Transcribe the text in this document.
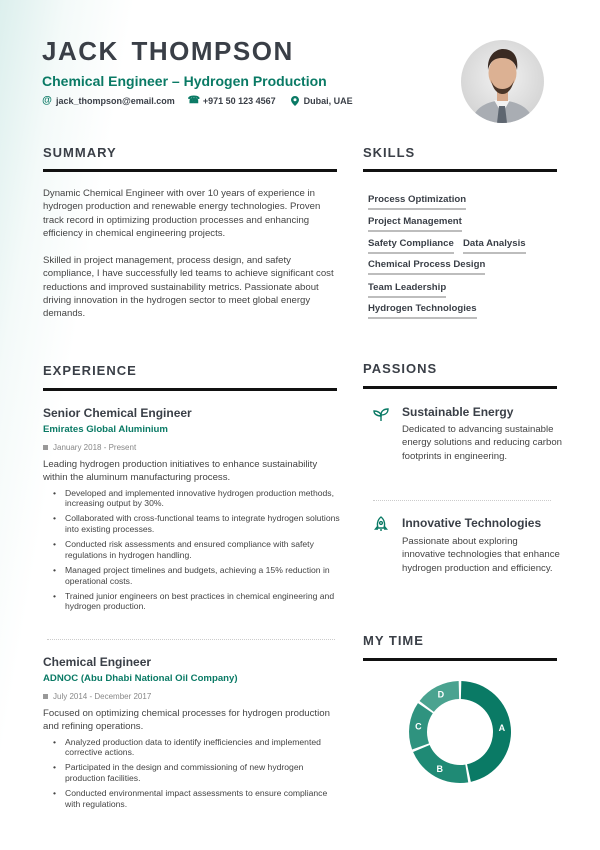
JACK THOMPSON
Chemical Engineer – Hydrogen Production
@ jack_thompson@email.com ☎ +971 50 123 4567	Dubai, UAE
SUMMARY
Dynamic Chemical Engineer with over 10 years of experience in hydrogen production and renewable energy technologies. Proven track record in optimizing production processes and enhancing efficiency in chemical engineering projects.
Skilled in project management, process design, and safety compliance, I have successfully led teams to achieve significant cost reductions and improved sustainability metrics. Passionate about driving innovation in the hydrogen sector to meet global energy demands.
SKILLS
Process Optimization
Project Management
Safety Compliance Data Analysis
Chemical Process Design
Team Leadership
Hydrogen Technologies
EXPERIENCE
Senior Chemical Engineer
Emirates Global Aluminium
January 2018 - Present
Leading hydrogen production initiatives to enhance sustainability within the aluminum manufacturing process.
• Developed and implemented innovative hydrogen production methods, increasing output by 30%.
• Collaborated with cross-functional teams to integrate hydrogen solutions into existing processes.
• Conducted risk assessments and ensured compliance with safety regulations in hydrogen handling.
• Managed project timelines and budgets, achieving a 15% reduction in operational costs.
• Trained junior engineers on best practices in chemical engineering and hydrogen production.
Chemical Engineer
ADNOC (Abu Dhabi National Oil Company)
July 2014 - December 2017
Focused on optimizing chemical processes for hydrogen production and refining operations.
• Analyzed production data to identify inefficiencies and implemented corrective actions.
• Participated in the design and commissioning of new hydrogen production facilities.
• Conducted environmental impact assessments to ensure compliance with regulations.
PASSIONS
Sustainable Energy
Dedicated to advancing sustainable energy solutions and reducing carbon footprints in engineering.
Innovative Technologies
Passionate about exploring innovative technologies that enhance hydrogen production and efficiency.
MY TIME
A
B
C
D
